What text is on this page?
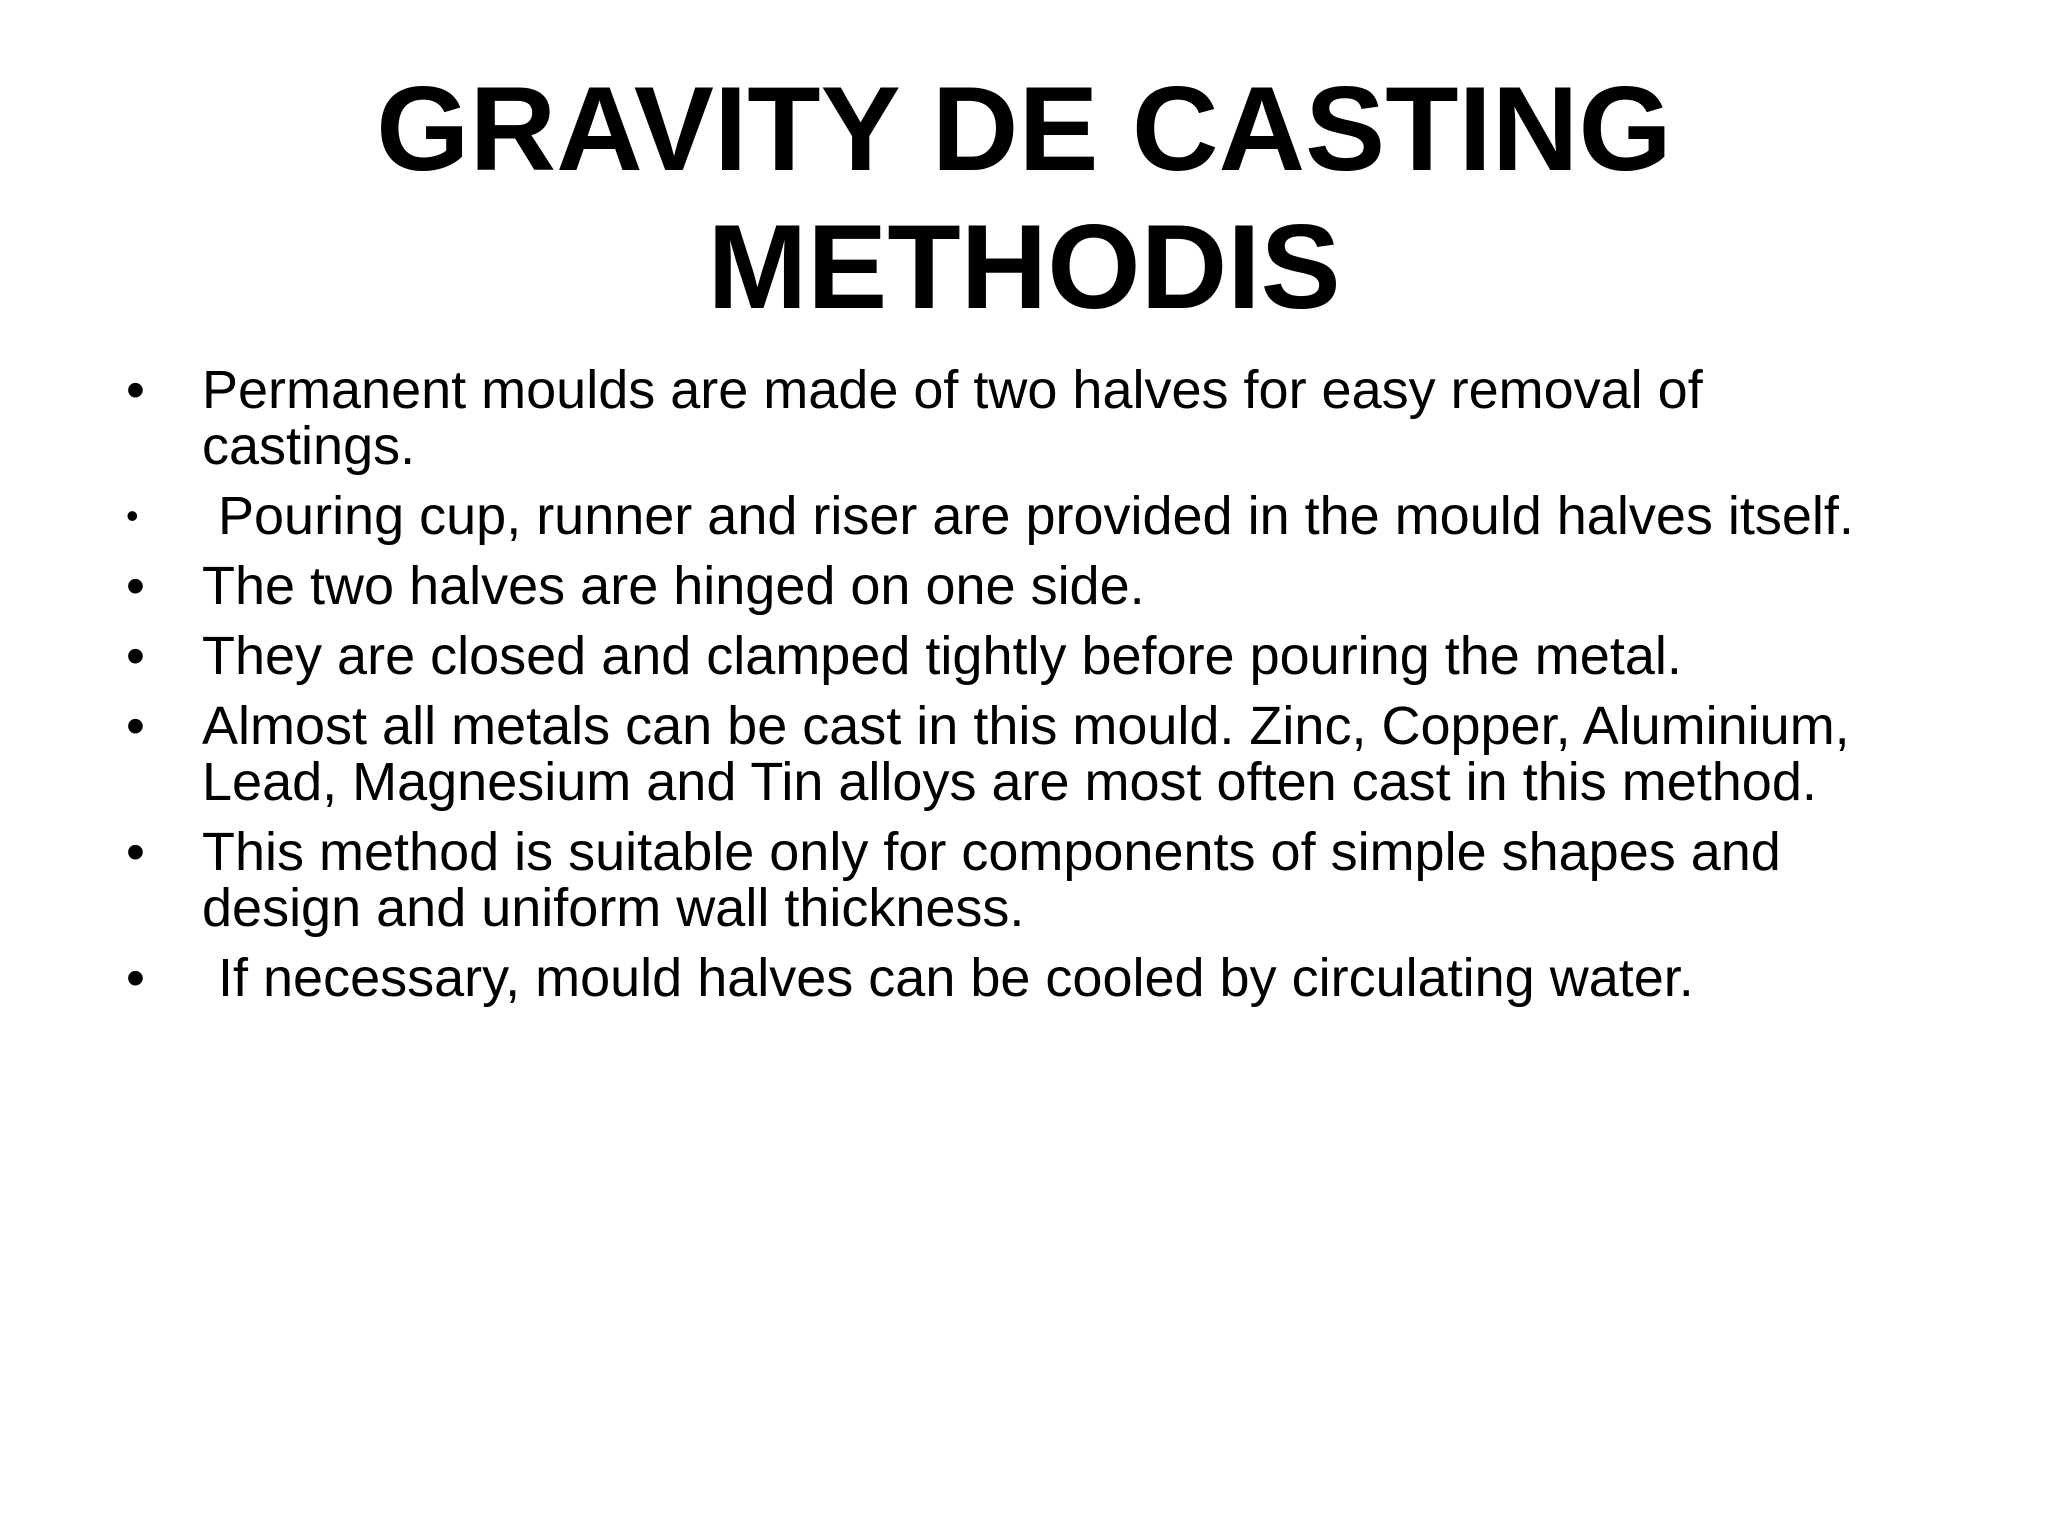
GRAVITY DE CASTING
METHODIS
• Permanent moulds are made of two halves for easy removal of castings.
•	Pouring cup, runner and riser are provided in the mould halves itself.
• The two halves are hinged on one side.
• They are closed and clamped tightly before pouring the metal.
• Almost all metals can be cast in this mould. Zinc, Copper, Aluminium, Lead, Magnesium and Tin alloys are most often cast in this method.
• This method is suitable only for components of simple shapes and design and uniform wall thickness.
• If necessary, mould halves can be cooled by circulating water.
